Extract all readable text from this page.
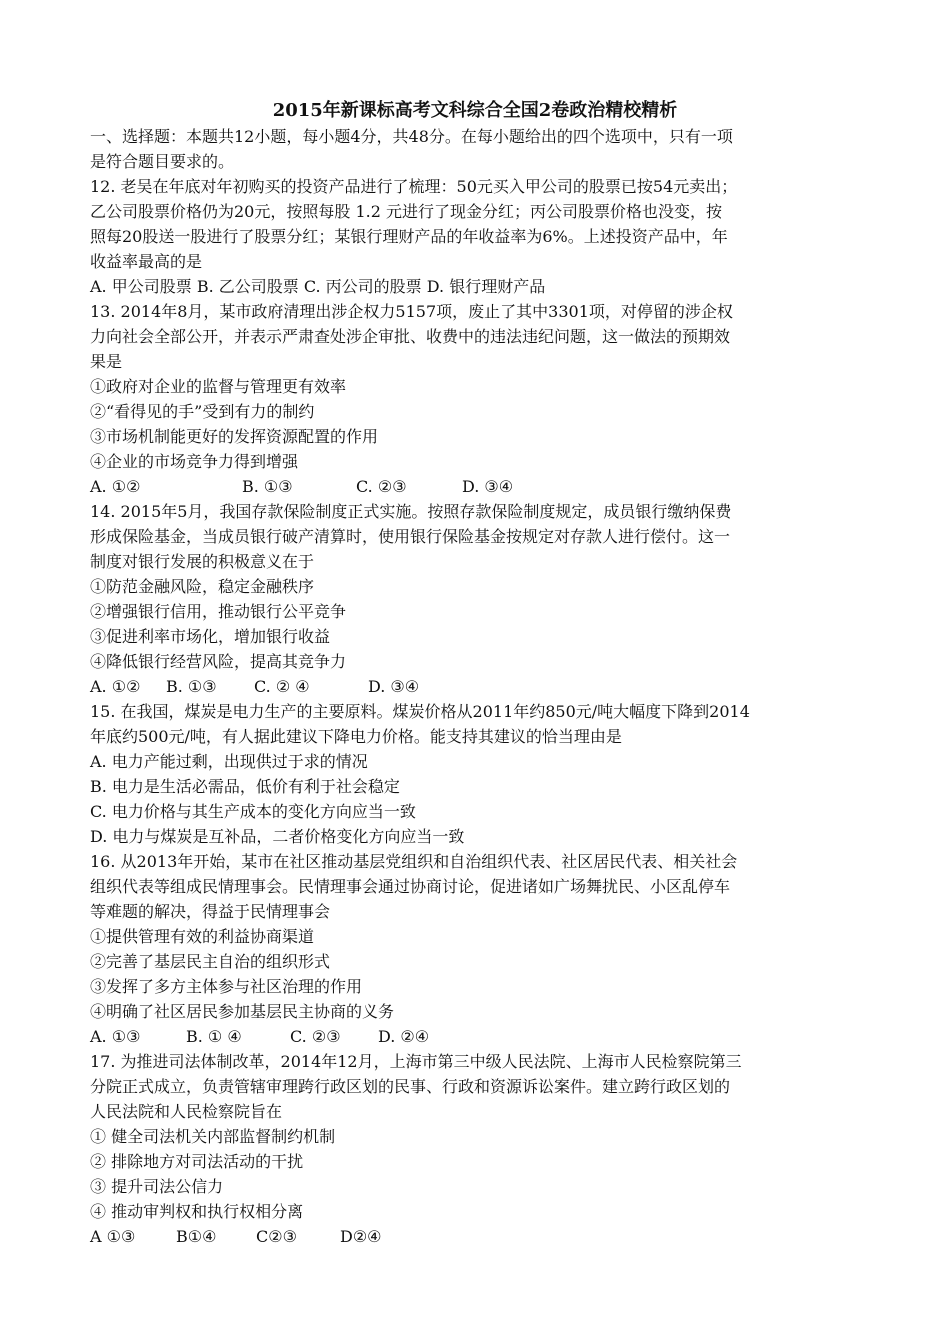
2015年新课标高考文科综合全国2卷政治精校精析
一、选择题：本题共12小题，每小题4分，共48分。在每小题给出的四个选项中，只有一项
是符合题目要求的。
12. 老吴在年底对年初购买的投资产品进行了梳理：50元买入甲公司的股票已按54元卖出；
乙公司股票价格仍为20元，按照每股 1.2 元进行了现金分红；丙公司股票价格也没变，按
照每20股送一股进行了股票分红；某银行理财产品的年收益率为6%。上述投资产品中，年
收益率最高的是
A. 甲公司股票 B. 乙公司股票 C. 丙公司的股票 D. 银行理财产品
13. 2014年8月，某市政府清理出涉企权力5157项，废止了其中3301项，对停留的涉企权
力向社会全部公开，并表示严肃查处涉企审批、收费中的违法违纪问题，这一做法的预期效
果是
①政府对企业的监督与管理更有效率
②“看得见的手”受到有力的制约
③市场机制能更好的发挥资源配置的作用
④企业的市场竞争力得到增强
A. ①②	B. ①③	C. ②③	D. ③④
14. 2015年5月，我国存款保险制度正式实施。按照存款保险制度规定，成员银行缴纳保费
形成保险基金，当成员银行破产清算时，使用银行保险基金按规定对存款人进行偿付。这一
制度对银行发展的积极意义在于
①防范金融风险，稳定金融秩序
②增强银行信用，推动银行公平竞争
③促进利率市场化，增加银行收益
④降低银行经营风险，提高其竞争力
A. ①②	B. ①③	C. ② ④	D. ③④
15. 在我国，煤炭是电力生产的主要原料。煤炭价格从2011年约850元/吨大幅度下降到2014
年底约500元/吨，有人据此建议下降电力价格。能支持其建议的恰当理由是
A. 电力产能过剩，出现供过于求的情况
B. 电力是生活必需品，低价有利于社会稳定
C. 电力价格与其生产成本的变化方向应当一致
D. 电力与煤炭是互补品，二者价格变化方向应当一致
16. 从2013年开始，某市在社区推动基层党组织和自治组织代表、社区居民代表、相关社会
组织代表等组成民情理事会。民情理事会通过协商讨论，促进诸如广场舞扰民、小区乱停车
等难题的解决，得益于民情理事会
①提供管理有效的利益协商渠道
②完善了基层民主自治的组织形式
③发挥了多方主体参与社区治理的作用
④明确了社区居民参加基层民主协商的义务
A. ①③	B. ① ④	C. ②③	D. ②④
17. 为推进司法体制改革，2014年12月，上海市第三中级人民法院、上海市人民检察院第三
分院正式成立，负责管辖审理跨行政区划的民事、行政和资源诉讼案件。建立跨行政区划的
人民法院和人民检察院旨在
① 健全司法机关内部监督制约机制
② 排除地方对司法活动的干扰
③ 提升司法公信力
④ 推动审判权和执行权相分离
A ①③	B①④	C②③	D②④
